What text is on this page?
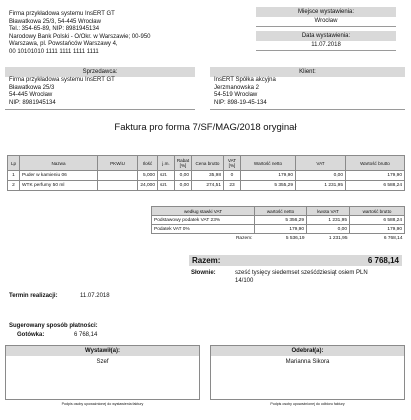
Firma przykładowa systemu InsERT GT
Bławatkowa 25/3, 54-445 Wrocław
Tel.: 354-65-89, NIP: 8981945134
Narodowy Bank Polski - O/Okr. w Warszawie; 00-950
Warszawa, pl. Powstańców Warszawy 4,
00 10101010 1111 1111 1111 1111
Miejsce wystawienia:
Wrocław
Data wystawienia:
11.07.2018
Sprzedawca:
Firma przykładowa systemu InsERT GT
Bławatkowa 25/3
54-445 Wrocław
NIP: 8981945134
Klient:
InsERT Spółka akcyjna
Jerzmanowska 2
54-519 Wrocław
NIP: 898-19-45-134
Faktura pro forma 7/SF/MAG/2018 oryginał
Lp	Nazwa	PKWiU	Ilość	j.m.	Rabat [%]	Cena brutto	VAT [%]	Wartość netto	VAT	Wartość brutto
1	Puder w kamieniu 06		5,000	szt.	0,00	35,98	0	179,90	0,00	179,90
2	WTK perfumy 50 ml		24,000	szt.	0,00	274,51	23	5 355,29	1 231,95	6 588,24
według stawki VAT	wartość netto	kwota VAT	wartość brutto
Podstawowy podatek VAT 23%	5 356,29	1 231,95	6 588,24
Podatek VAT 0%	179,90	0,00	179,90
Razem:	5 536,19	1 231,95	6 768,14
Razem:	6 768,14
Słownie:	sześć tysięcy siedemset sześćdziesiąt osiem PLN
14/100
Termin realizacji:	11.07.2018
Sugerowany sposób płatności:
Gotówka:	6 768,14
Wystawił(a):
Szef
Podpis osoby upoważnionej do wystawienia faktury
Odebrał(a):
Marianna Sikora
Podpis osoby upoważnionej do odbioru faktury
